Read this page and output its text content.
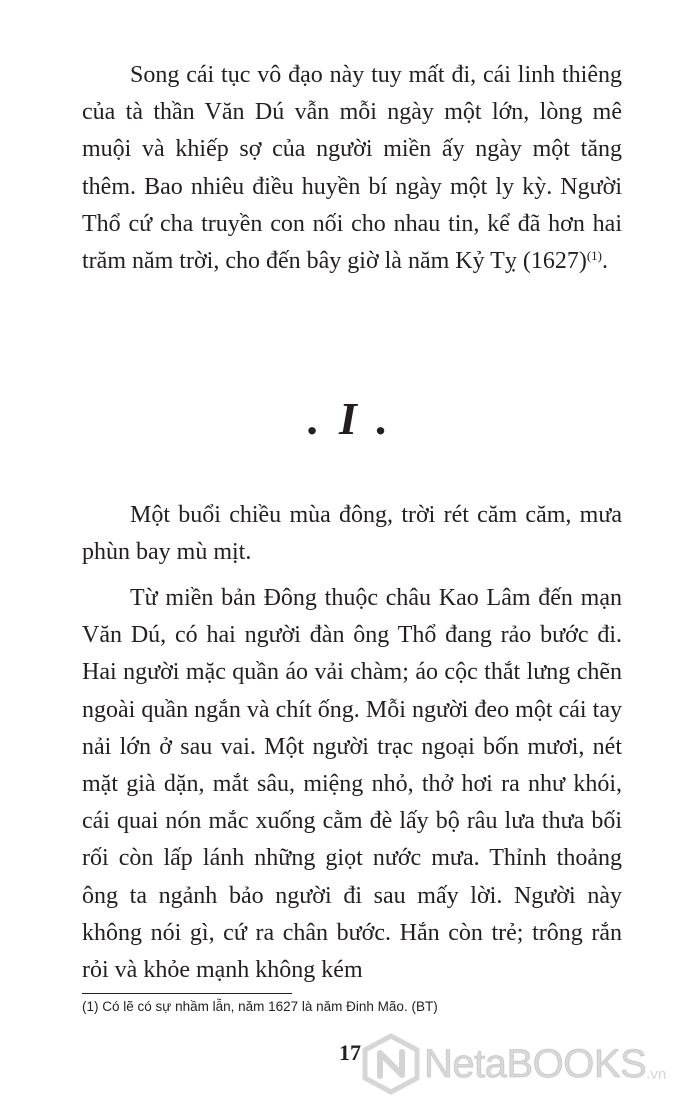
Song cái tục vô đạo này tuy mất đi, cái linh thiêng của tà thần Văn Dú vẫn mỗi ngày một lớn, lòng mê muội và khiếp sợ của người miền ấy ngày một tăng thêm. Bao nhiêu điều huyền bí ngày một ly kỳ. Người Thổ cứ cha truyền con nối cho nhau tin, kể đã hơn hai trăm năm trời, cho đến bây giờ là năm Kỷ Tỵ (1627)$^{(1)}$.

. I .

Một buổi chiều mùa đông, trời rét căm căm, mưa phùn bay mù mịt.

Từ miền bản Đông thuộc châu Kao Lâm đến mạn Văn Dú, có hai người đàn ông Thổ đang rảo bước đi. Hai người mặc quần áo vải chàm; áo cộc thắt lưng chẽn ngoài quần ngắn và chít ống. Mỗi người đeo một cái tay nải lớn ở sau vai. Một người trạc ngoại bốn mươi, nét mặt già dặn, mắt sâu, miệng nhỏ, thở hơi ra như khói, cái quai nón mắc xuống cằm đè lấy bộ râu lưa thưa bối rối còn lấp lánh những giọt nước mưa. Thỉnh thoảng ông ta ngảnh bảo người đi sau mấy lời. Người này không nói gì, cứ ra chân bước. Hắn còn trẻ; trông rắn rỏi và khỏe mạnh không kém

(1) Có lẽ có sự nhầm lẫn, năm 1627 là năm Đinh Mão. (BT)

17	NetaBOOKS .vn
